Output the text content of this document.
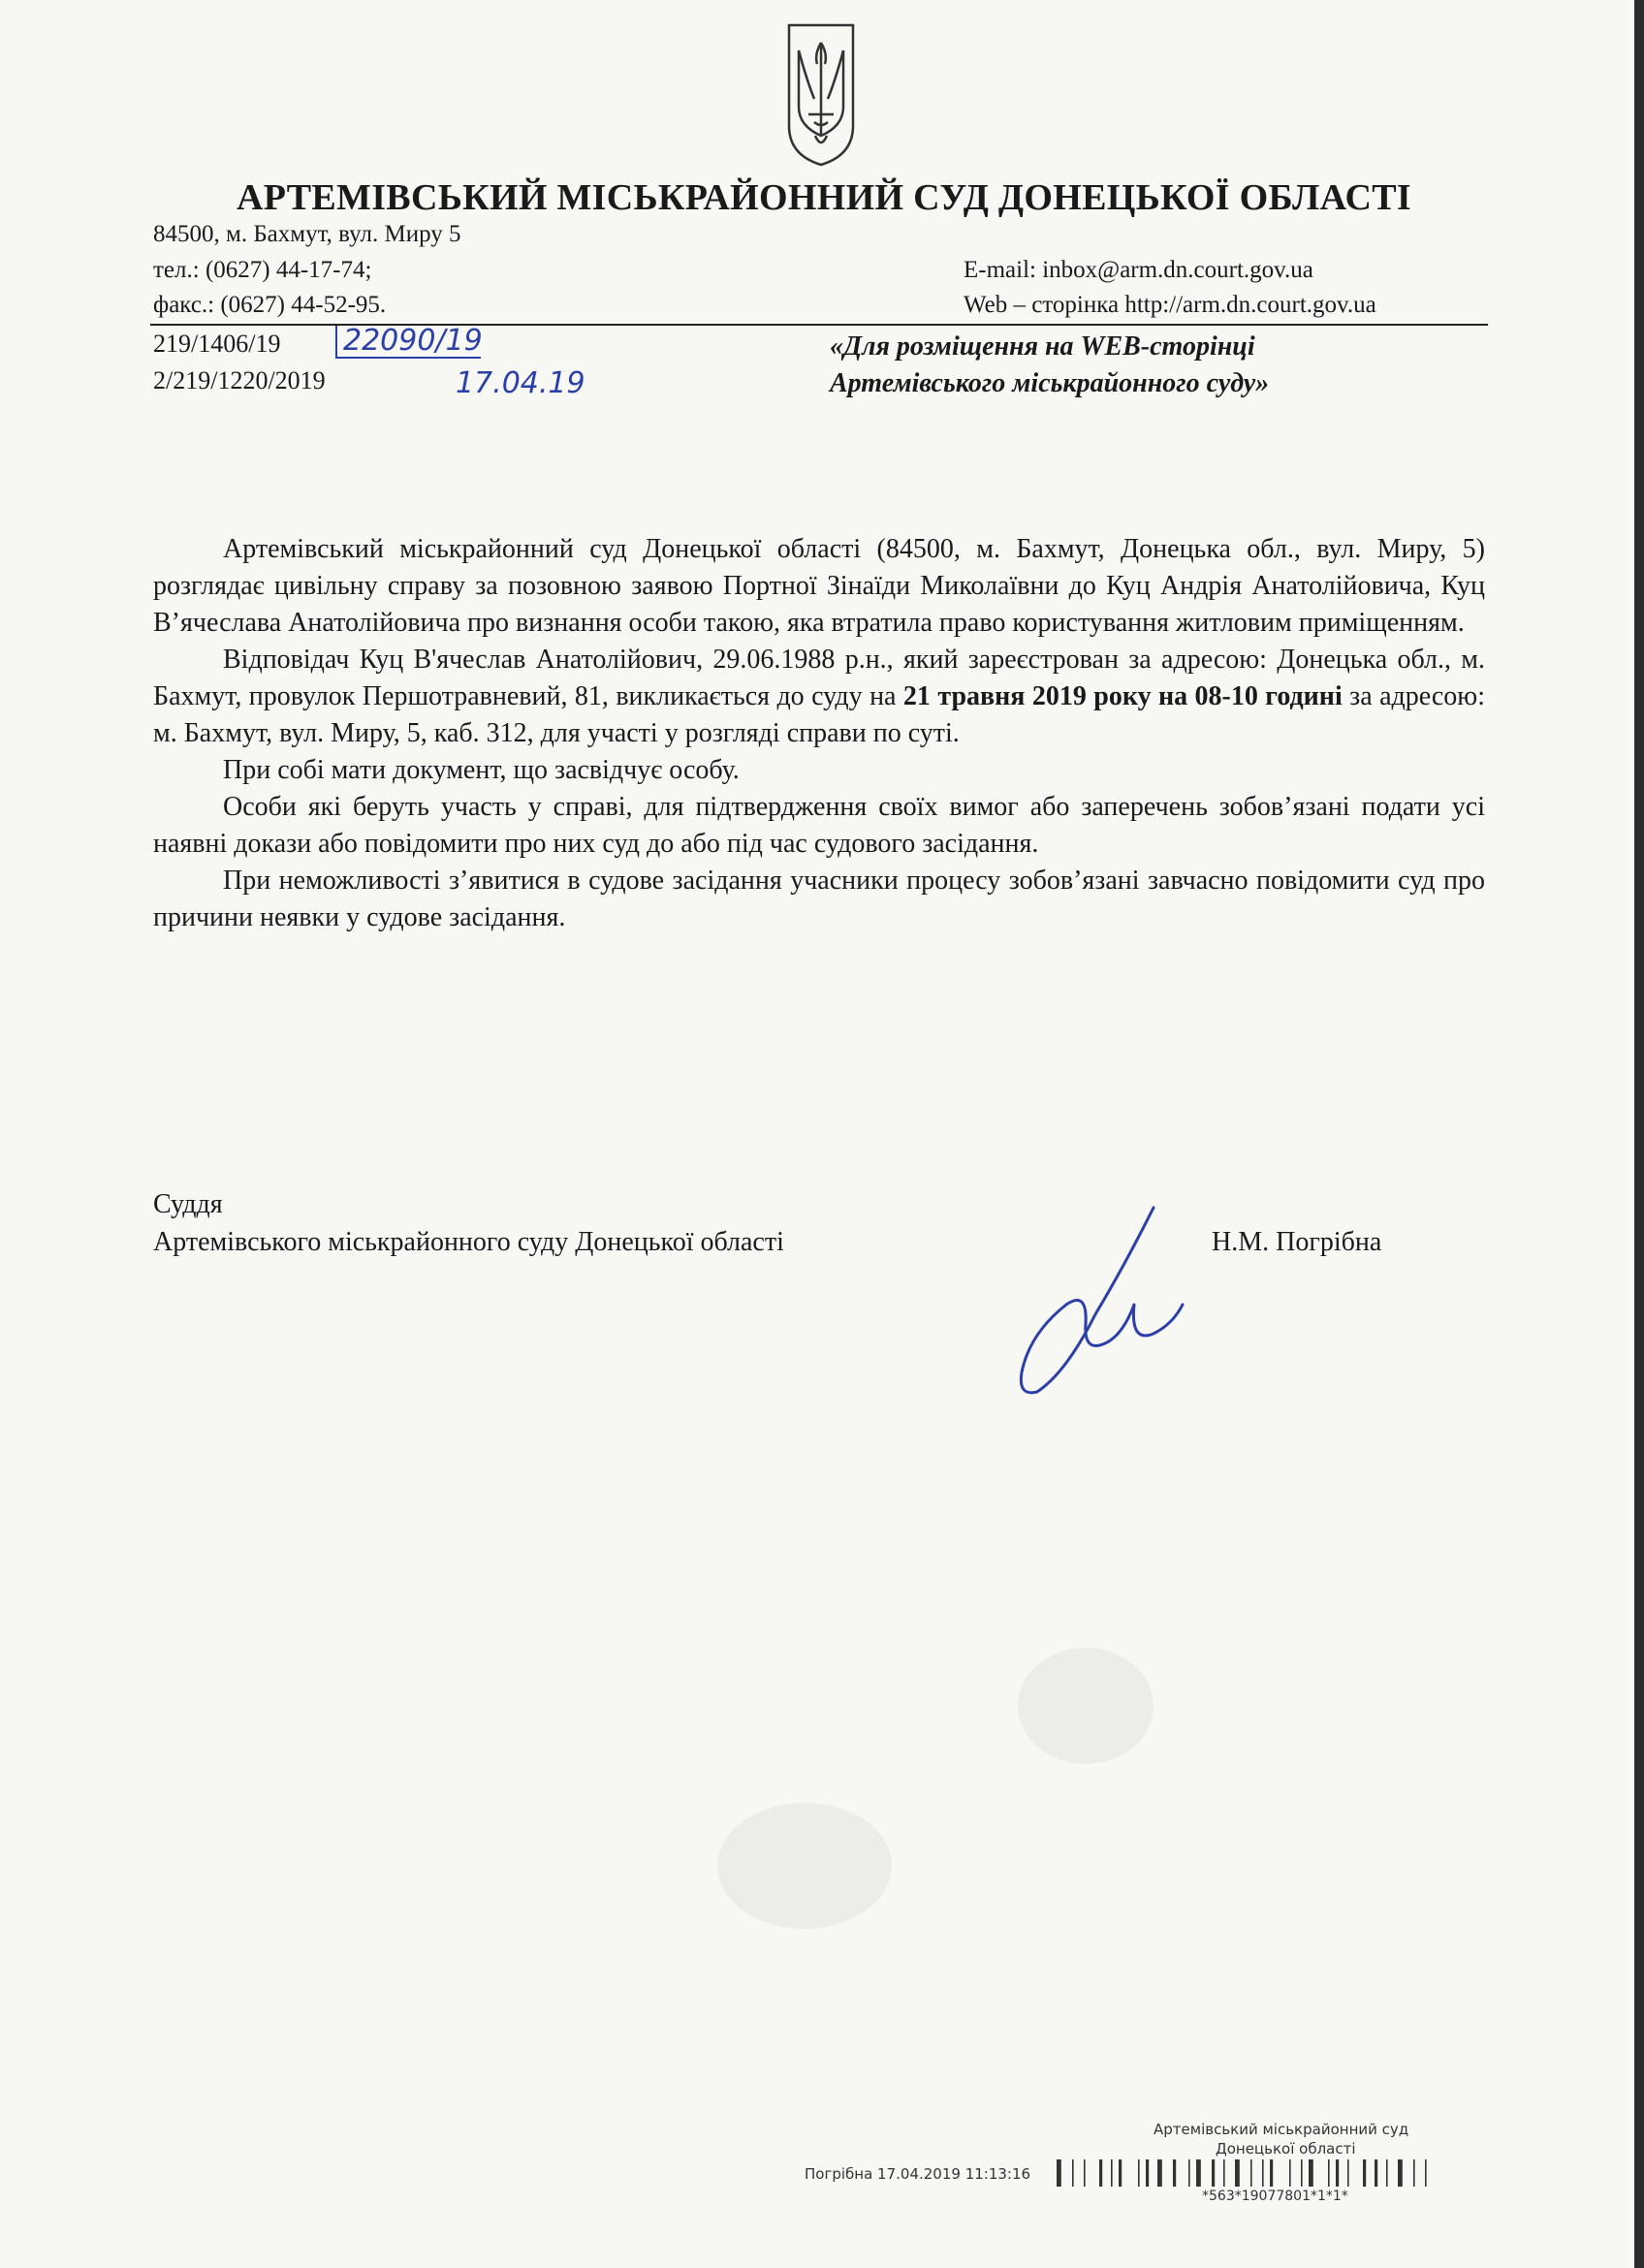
АРТЕМІВСЬКИЙ МІСЬКРАЙОННИЙ СУД ДОНЕЦЬКОЇ ОБЛАСТІ
84500, м. Бахмут, вул. Миру 5
тел.: (0627) 44-17-74;
факс.: (0627) 44-52-95.
E-mail: inbox@arm.dn.court.gov.ua
Web – сторінка http://arm.dn.court.gov.ua
219/1406/19
2/219/1220/2019
22090/19
17.04.19
«Для розміщення на WEB-сторінці
Артемівського міськрайонного суду»

Артемівський міськрайонний суд Донецької області (84500, м. Бахмут, Донецька обл., вул. Миру, 5) розглядає цивільну справу за позовною заявою Портної Зінаїди Миколаївни до Куц Андрія Анатолійовича, Куц В’ячеслава Анатолійовича про визнання особи такою, яка втратила право користування житловим приміщенням.

Відповідач Куц В'ячеслав Анатолійович, 29.06.1988 р.н., який зареєстрован за адресою: Донецька обл., м. Бахмут, провулок Першотравневий, 81, викликається до суду на 21 травня 2019 року на 08-10 годині за адресою: м. Бахмут, вул. Миру, 5, каб. 312, для участі у розгляді справи по суті.

При собі мати документ, що засвідчує особу.

Особи які беруть участь у справі, для підтвердження своїх вимог або заперечень зобов’язані подати усі наявні докази або повідомити про них суд до або під час судового засідання.

При неможливості з’явитися в судове засідання учасники процесу зобов’язані завчасно повідомити суд про причини неявки у судове засідання.

Суддя
Артемівського міськрайонного суду Донецької області	Н.М. Погрібна
Артемівський міськрайонний суд
Донецької області
Погрібна 17.04.2019 11:13:16
*563*19077801*1*1*
